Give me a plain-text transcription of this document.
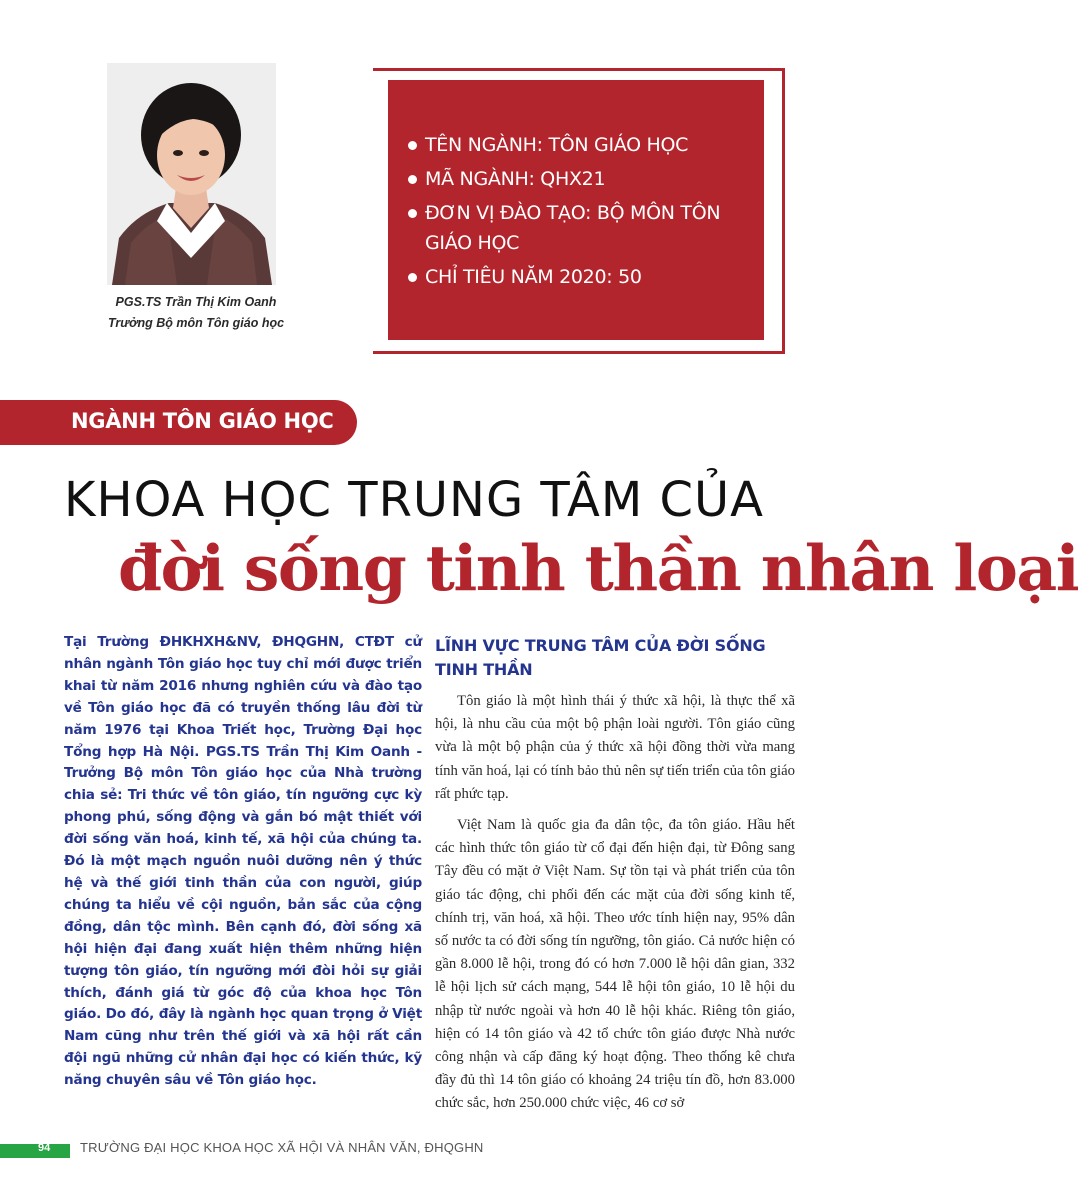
PGS.TS Trần Thị Kim Oanh
Trưởng Bộ môn Tôn giáo học
TÊN NGÀNH: TÔN GIÁO HỌC
MÃ NGÀNH: QHX21
ĐƠN VỊ ĐÀO TẠO: BỘ MÔN TÔN GIÁO HỌC
CHỈ TIÊU NĂM 2020: 50
NGÀNH TÔN GIÁO HỌC
KHOA HỌC TRUNG TÂM CỦA
đời sống tinh thần nhân loại
Tại Trường ĐHKHXH&NV, ĐHQGHN, CTĐT cử nhân ngành Tôn giáo học tuy chỉ mới được triển khai từ năm 2016 nhưng nghiên cứu và đào tạo về Tôn giáo học đã có truyền thống lâu đời từ năm 1976 tại Khoa Triết học, Trường Đại học Tổng hợp Hà Nội. PGS.TS Trần Thị Kim Oanh - Trưởng Bộ môn Tôn giáo học của Nhà trường chia sẻ: Tri thức về tôn giáo, tín ngưỡng cực kỳ phong phú, sống động và gắn bó mật thiết với đời sống văn hoá, kinh tế, xã hội của chúng ta. Đó là một mạch nguồn nuôi dưỡng nên ý thức hệ và thế giới tinh thần của con người, giúp chúng ta hiểu về cội nguồn, bản sắc của cộng đồng, dân tộc mình. Bên cạnh đó, đời sống xã hội hiện đại đang xuất hiện thêm những hiện tượng tôn giáo, tín ngưỡng mới đòi hỏi sự giải thích, đánh giá từ góc độ của khoa học Tôn giáo. Do đó, đây là ngành học quan trọng ở Việt Nam cũng như trên thế giới và xã hội rất cần đội ngũ những cử nhân đại học có kiến thức, kỹ năng chuyên sâu về Tôn giáo học.
LĨNH VỰC TRUNG TÂM CỦA ĐỜI SỐNG TINH THẦN

Tôn giáo là một hình thái ý thức xã hội, là thực thể xã hội, là nhu cầu của một bộ phận loài người. Tôn giáo cũng vừa là một bộ phận của ý thức xã hội đồng thời vừa mang tính văn hoá, lại có tính bảo thủ nên sự tiến triển của tôn giáo rất phức tạp.

Việt Nam là quốc gia đa dân tộc, đa tôn giáo. Hầu hết các hình thức tôn giáo từ cổ đại đến hiện đại, từ Đông sang Tây đều có mặt ở Việt Nam. Sự tồn tại và phát triển của tôn giáo tác động, chi phối đến các mặt của đời sống kinh tế, chính trị, văn hoá, xã hội. Theo ước tính hiện nay, 95% dân số nước ta có đời sống tín ngưỡng, tôn giáo. Cả nước hiện có gần 8.000 lễ hội, trong đó có hơn 7.000 lễ hội dân gian, 332 lễ hội lịch sử cách mạng, 544 lễ hội tôn giáo, 10 lễ hội du nhập từ nước ngoài và hơn 40 lễ hội khác. Riêng tôn giáo, hiện có 14 tôn giáo và 42 tổ chức tôn giáo được Nhà nước công nhận và cấp đăng ký hoạt động. Theo thống kê chưa đầy đủ thì 14 tôn giáo có khoảng 24 triệu tín đồ, hơn 83.000 chức sắc, hơn 250.000 chức việc, 46 cơ sở

94 TRƯỜNG ĐẠI HỌC KHOA HỌC XÃ HỘI VÀ NHÂN VĂN, ĐHQGHN
